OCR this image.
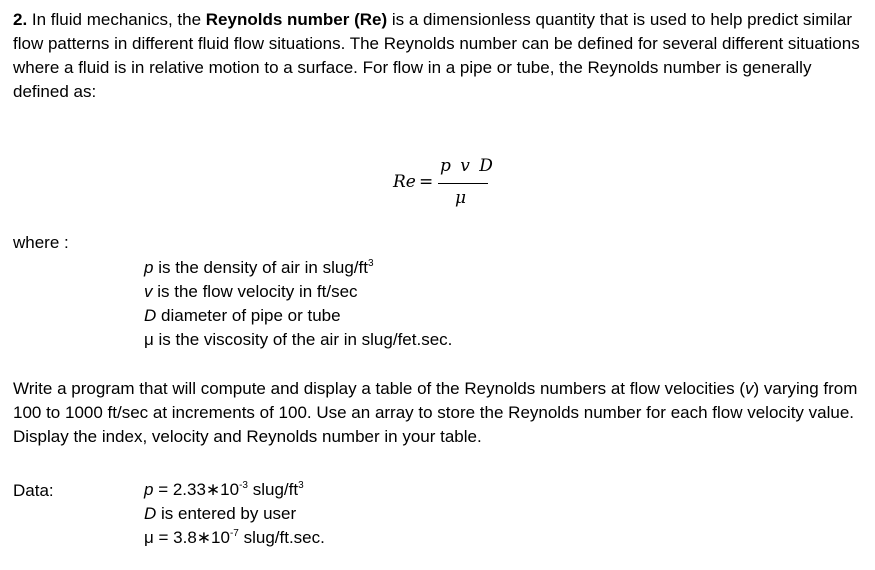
2. In fluid mechanics, the Reynolds number (Re) is a dimensionless quantity that is used to help predict similar flow patterns in different fluid flow situations. The Reynolds number can be defined for several different situations where a fluid is in relative motion to a surface. For flow in a pipe or tube, the Reynolds number is generally defined as:
Re =
p v D
μ
where :
p is the density of air in slug/$ft^3$
v is the flow velocity in ft/sec
D diameter of pipe or tube
μ is the viscosity of the air in slug/fet.sec.
Write a program that will compute and display a table of the Reynolds numbers at flow velocities (v) varying from 100 to 1000 ft/sec at increments of 100. Use an array to store the Reynolds number for each flow velocity value. Display the index, velocity and Reynolds number in your table.
Data:	$p = 2.33∗10^{-3}$ slug/$ft^3$
D is entered by user
$\mu = 3.8∗10^{-7}$ slug/ft.sec.
